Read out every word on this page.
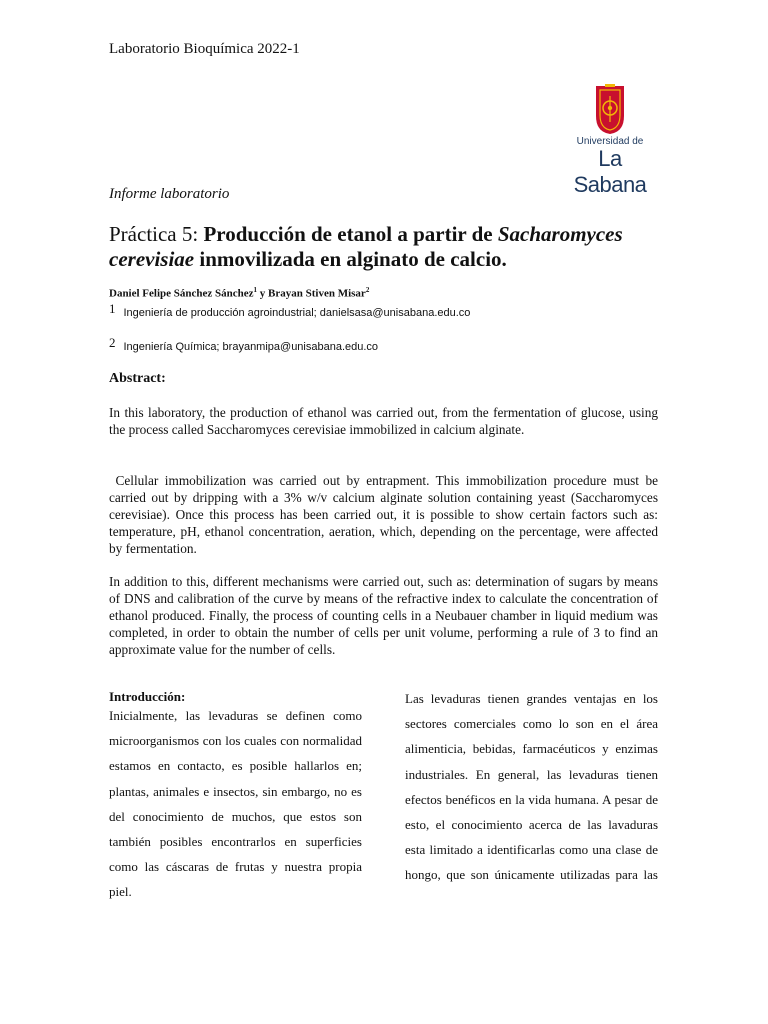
Laboratorio Bioquímica 2022-1
Universidad de
La Sabana
Informe laboratorio
Práctica 5: Producción de etanol a partir de Sacharomyces cerevisiae inmovilizada en alginato de calcio.
Daniel Felipe Sánchez Sánchez$^1$ y Brayan Stiven Misar$^2$
1 Ingeniería de producción agroindustrial; danielsasa@unisabana.edu.co
2 Ingeniería Química; brayanmipa@unisabana.edu.co
Abstract:

In this laboratory, the production of ethanol was carried out, from the fermentation of glucose, using the process called Saccharomyces cerevisiae immobilized in calcium alginate.

Cellular immobilization was carried out by entrapment. This immobilization procedure must be carried out by dripping with a 3% w/v calcium alginate solution containing yeast (Saccharomyces cerevisiae). Once this process has been carried out, it is possible to show certain factors such as: temperature, pH, ethanol concentration, aeration, which, depending on the percentage, were affected by fermentation.

In addition to this, different mechanisms were carried out, such as: determination of sugars by means of DNS and calibration of the curve by means of the refractive index to calculate the concentration of ethanol produced. Finally, the process of counting cells in a Neubauer chamber in liquid medium was completed, in order to obtain the number of cells per unit volume, performing a rule of 3 to find an approximate value for the number of cells.

Introducción:

Inicialmente, las levaduras se definen como microorganismos con los cuales con normalidad estamos en contacto, es posible hallarlos en; plantas, animales e insectos, sin embargo, no es del conocimiento de muchos, que estos son también posibles encontrarlos en superficies como las cáscaras de frutas y nuestra propia piel.

Las levaduras tienen grandes ventajas en los sectores comerciales como lo son en el área alimenticia, bebidas, farmacéuticos y enzimas industriales. En general, las levaduras tienen efectos benéficos en la vida humana. A pesar de esto, el conocimiento acerca de las lavaduras esta limitado a identificarlas como una clase de hongo, que son únicamente utilizadas para las
